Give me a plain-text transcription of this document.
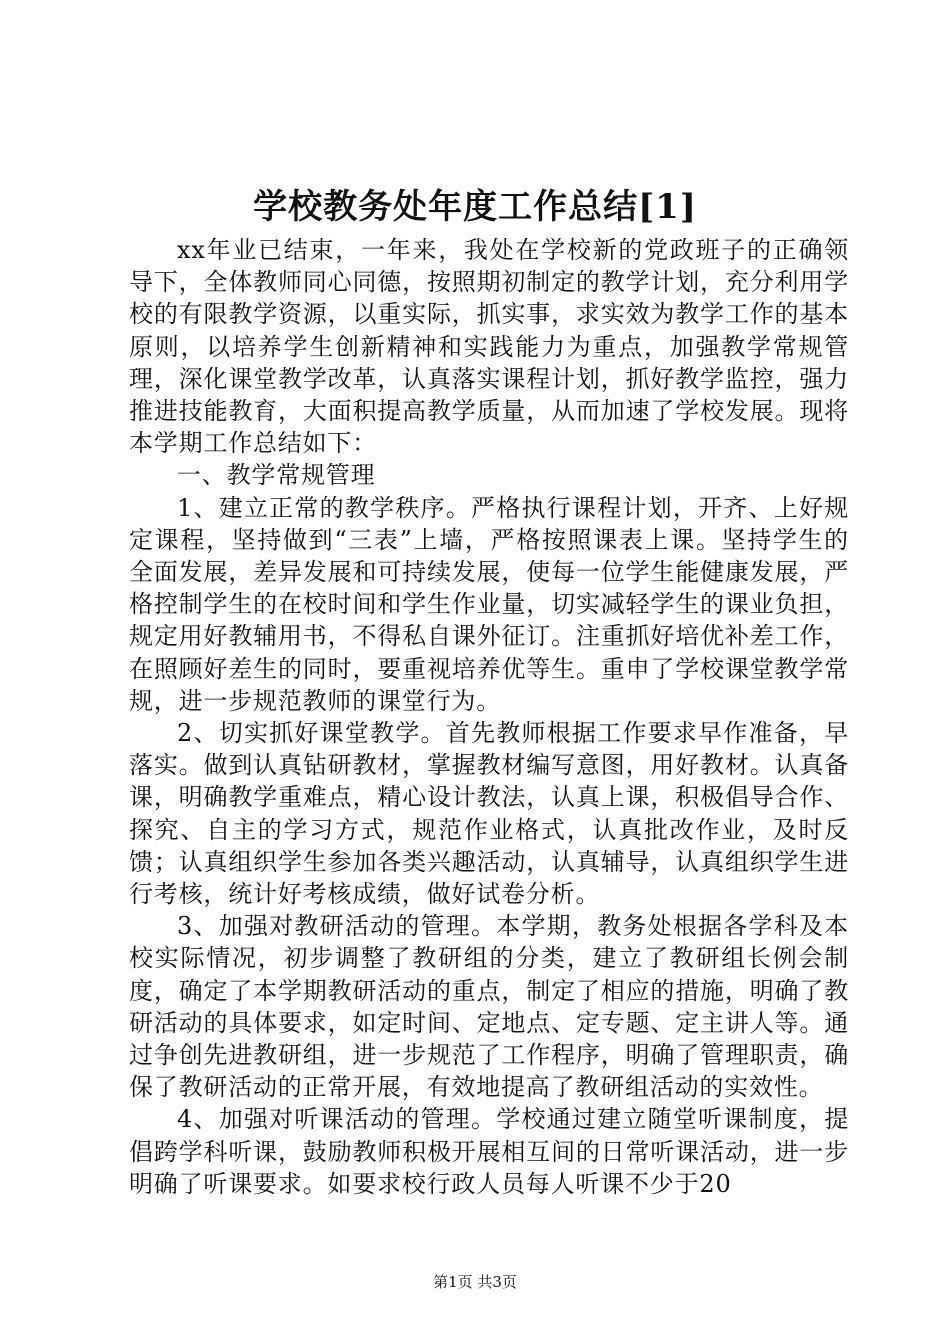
学校教务处年度工作总结[1]

xx年业已结束，一年来，我处在学校新的党政班子的正确领导下，全体教师同心同德，按照期初制定的教学计划，充分利用学校的有限教学资源，以重实际，抓实事，求实效为教学工作的基本原则，以培养学生创新精神和实践能力为重点，加强教学常规管理，深化课堂教学改革，认真落实课程计划，抓好教学监控，强力推进技能教育，大面积提高教学质量，从而加速了学校发展。现将本学期工作总结如下：

一、教学常规管理

1、建立正常的教学秩序。严格执行课程计划，开齐、上好规定课程，坚持做到“三表”上墙，严格按照课表上课。坚持学生的全面发展，差异发展和可持续发展，使每一位学生能健康发展，严格控制学生的在校时间和学生作业量，切实减轻学生的课业负担，规定用好教辅用书，不得私自课外征订。注重抓好培优补差工作，在照顾好差生的同时，要重视培养优等生。重申了学校课堂教学常规，进一步规范教师的课堂行为。

2、切实抓好课堂教学。首先教师根据工作要求早作准备，早落实。做到认真钻研教材，掌握教材编写意图，用好教材。认真备课，明确教学重难点，精心设计教法，认真上课，积极倡导合作、探究、自主的学习方式，规范作业格式，认真批改作业，及时反馈；认真组织学生参加各类兴趣活动，认真辅导，认真组织学生进行考核，统计好考核成绩，做好试卷分析。

3、加强对教研活动的管理。本学期，教务处根据各学科及本校实际情况，初步调整了教研组的分类，建立了教研组长例会制度，确定了本学期教研活动的重点，制定了相应的措施，明确了教研活动的具体要求，如定时间、定地点、定专题、定主讲人等。通过争创先进教研组，进一步规范了工作程序，明确了管理职责，确保了教研活动的正常开展，有效地提高了教研组活动的实效性。

4、加强对听课活动的管理。学校通过建立随堂听课制度，提倡跨学科听课，鼓励教师积极开展相互间的日常听课活动，进一步明确了听课要求。如要求校行政人员每人听课不少于20

第1页 共3页
